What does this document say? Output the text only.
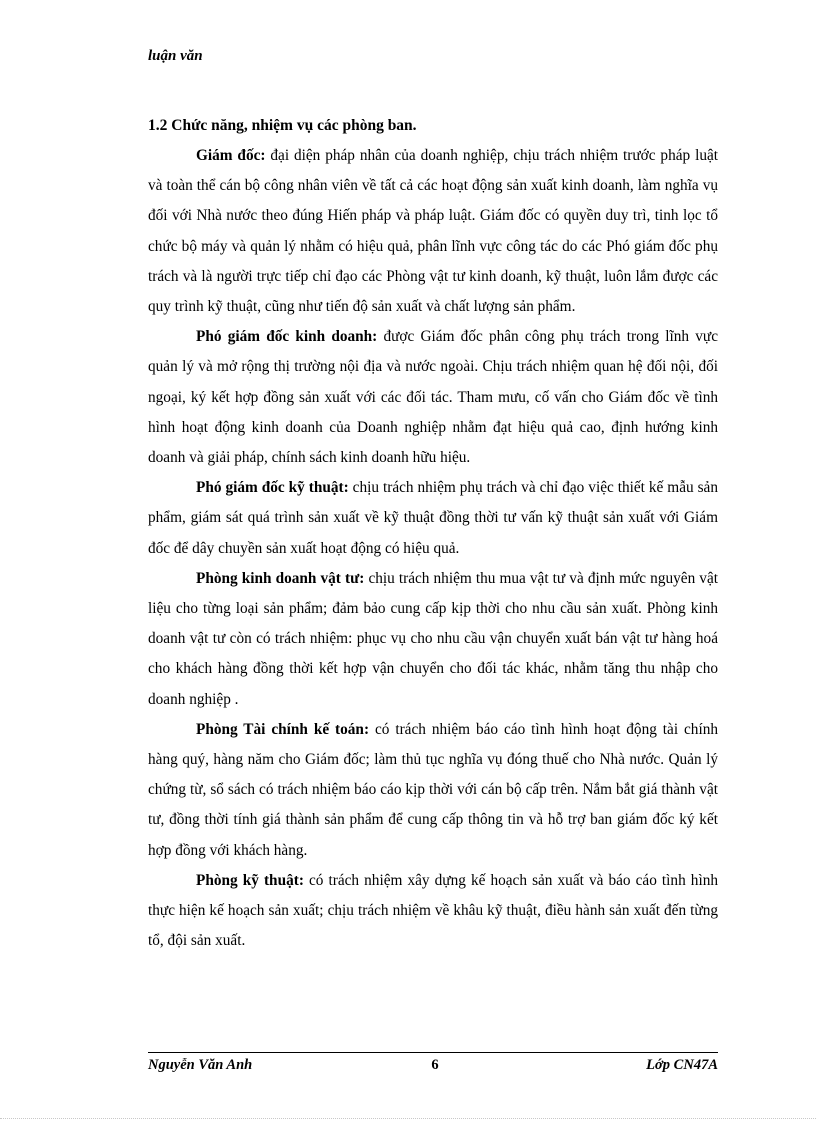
luận văn
1.2 Chức năng, nhiệm vụ các phòng ban.

Giám đốc: đại diện pháp nhân của doanh nghiệp, chịu trách nhiệm trước pháp luật và toàn thể cán bộ công nhân viên về tất cả các hoạt động sản xuất kinh doanh, làm nghĩa vụ đối với Nhà nước theo đúng Hiến pháp và pháp luật. Giám đốc có quyền duy trì, tinh lọc tổ chức bộ máy và quản lý nhằm có hiệu quả, phân lĩnh vực công tác do các Phó giám đốc phụ trách và là người trực tiếp chỉ đạo các Phòng vật tư kinh doanh, kỹ thuật, luôn lắm được các quy trình kỹ thuật, cũng như tiến độ sản xuất và chất lượng sản phẩm.

Phó giám đốc kinh doanh: được Giám đốc phân công phụ trách trong lĩnh vực quản lý và mở rộng thị trường nội địa và nước ngoài. Chịu trách nhiệm quan hệ đối nội, đối ngoại, ký kết hợp đồng sản xuất với các đối tác. Tham mưu, cố vấn cho Giám đốc về tình hình hoạt động kinh doanh của Doanh nghiệp nhằm đạt hiệu quả cao, định hướng kinh doanh và giải pháp, chính sách kinh doanh hữu hiệu.

Phó giám đốc kỹ thuật: chịu trách nhiệm phụ trách và chỉ đạo việc thiết kế mẫu sản phẩm, giám sát quá trình sản xuất về kỹ thuật đồng thời tư vấn kỹ thuật sản xuất với Giám đốc để dây chuyền sản xuất hoạt động có hiệu quả.

Phòng kinh doanh vật tư: chịu trách nhiệm thu mua vật tư và định mức nguyên vật liệu cho từng loại sản phẩm; đảm bảo cung cấp kịp thời cho nhu cầu sản xuất. Phòng kinh doanh vật tư còn có trách nhiệm: phục vụ cho nhu cầu vận chuyển xuất bán vật tư hàng hoá cho khách hàng đồng thời kết hợp vận chuyển cho đối tác khác, nhằm tăng thu nhập cho doanh nghiệp .

Phòng Tài chính kế toán: có trách nhiệm báo cáo tình hình hoạt động tài chính hàng quý, hàng năm cho Giám đốc; làm thủ tục nghĩa vụ đóng thuế cho Nhà nước. Quản lý chứng từ, sổ sách có trách nhiệm báo cáo kịp thời với cán bộ cấp trên. Nắm bắt giá thành vật tư, đồng thời tính giá thành sản phẩm để cung cấp thông tin và hỗ trợ ban giám đốc ký kết hợp đồng với khách hàng.

Phòng kỹ thuật: có trách nhiệm xây dựng kế hoạch sản xuất và báo cáo tình hình thực hiện kế hoạch sản xuất; chịu trách nhiệm về khâu kỹ thuật, điều hành sản xuất đến từng tổ, đội sản xuất.

Nguyễn Văn Anh	6	Lớp CN47A
